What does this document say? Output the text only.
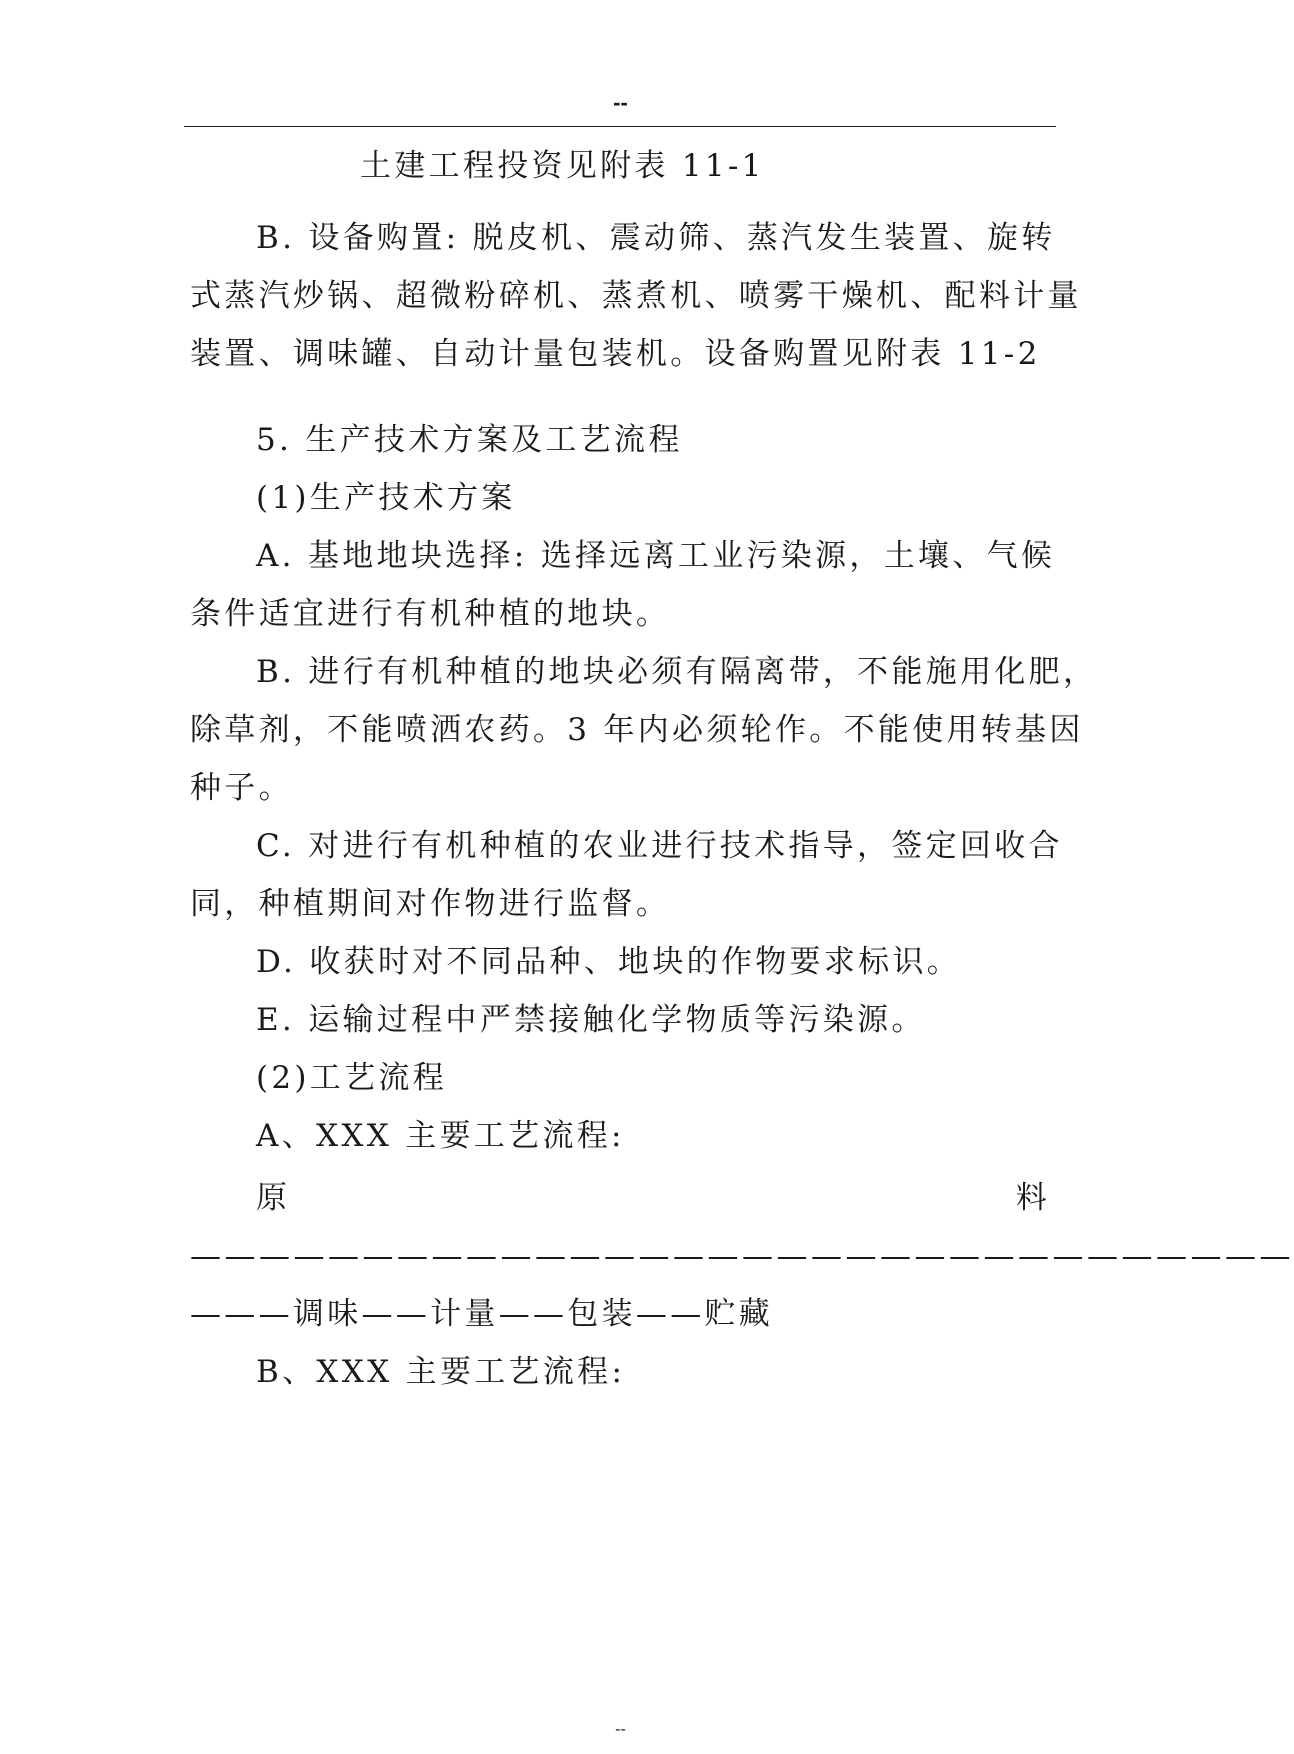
--
土建工程投资见附表 11-1
B. 设备购置: 脱皮机、震动筛、蒸汽发生装置、旋转
式蒸汽炒锅、超微粉碎机、蒸煮机、喷雾干燥机、配料计量
装置、调味罐、自动计量包装机。设备购置见附表 11-2
5. 生产技术方案及工艺流程
(1)生产技术方案
A. 基地地块选择: 选择远离工业污染源，土壤、气候
条件适宜进行有机种植的地块。
B. 进行有机种植的地块必须有隔离带，不能施用化肥，
除草剂，不能喷洒农药。3 年内必须轮作。不能使用转基因
种子。
C. 对进行有机种植的农业进行技术指导，签定回收合
同，种植期间对作物进行监督。
D. 收获时对不同品种、地块的作物要求标识。
E. 运输过程中严禁接触化学物质等污染源。
(2)工艺流程
A、XXX 主要工艺流程:
原	料
————————————————————————————————
———调味——计量——包装——贮藏
B、XXX 主要工艺流程:
--
